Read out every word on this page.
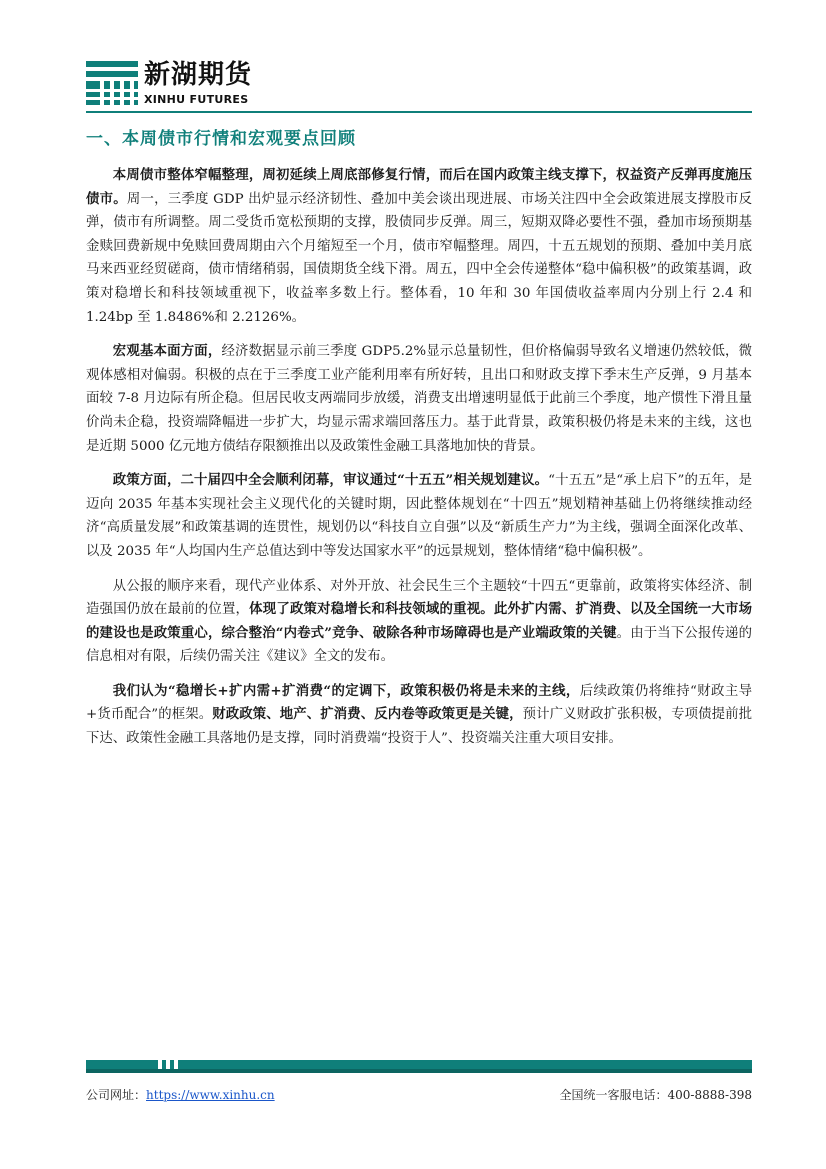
新湖期货
XINHU FUTURES
一、本周债市行情和宏观要点回顾

本周债市整体窄幅整理，周初延续上周底部修复行情，而后在国内政策主线支撑下，权益资产反弹再度施压债市。周一，三季度 GDP 出炉显示经济韧性、叠加中美会谈出现进展、市场关注四中全会政策进展支撑股市反弹，债市有所调整。周二受货币宽松预期的支撑，股债同步反弹。周三，短期双降必要性不强，叠加市场预期基金赎回费新规中免赎回费周期由六个月缩短至一个月，债市窄幅整理。周四，十五五规划的预期、叠加中美月底马来西亚经贸磋商，债市情绪稍弱，国债期货全线下滑。周五，四中全会传递整体“稳中偏积极”的政策基调，政策对稳增长和科技领域重视下，收益率多数上行。整体看，10 年和 30 年国债收益率周内分别上行 2.4 和 1.24bp 至 1.8486%和 2.2126%。

宏观基本面方面，经济数据显示前三季度 GDP5.2%显示总量韧性，但价格偏弱导致名义增速仍然较低，微观体感相对偏弱。积极的点在于三季度工业产能利用率有所好转，且出口和财政支撑下季末生产反弹，9 月基本面较 7-8 月边际有所企稳。但居民收支两端同步放缓，消费支出增速明显低于此前三个季度，地产惯性下滑且量价尚未企稳，投资端降幅进一步扩大，均显示需求端回落压力。基于此背景，政策积极仍将是未来的主线，这也是近期 5000 亿元地方债结存限额推出以及政策性金融工具落地加快的背景。

政策方面，二十届四中全会顺利闭幕，审议通过“十五五”相关规划建议。“十五五”是“承上启下”的五年，是迈向 2035 年基本实现社会主义现代化的关键时期，因此整体规划在“十四五”规划精神基础上仍将继续推动经济“高质量发展”和政策基调的连贯性，规划仍以“科技自立自强”以及“新质生产力”为主线，强调全面深化改革、以及 2035 年“人均国内生产总值达到中等发达国家水平”的远景规划，整体情绪“稳中偏积极”。

从公报的顺序来看，现代产业体系、对外开放、社会民生三个主题较“十四五“更靠前，政策将实体经济、制造强国仍放在最前的位置，体现了政策对稳增长和科技领域的重视。此外扩内需、扩消费、以及全国统一大市场的建设也是政策重心，综合整治“内卷式”竞争、破除各种市场障碍也是产业端政策的关键。由于当下公报传递的信息相对有限，后续仍需关注《建议》全文的发布。

我们认为“稳增长+扩内需+扩消费“的定调下，政策积极仍将是未来的主线，后续政策仍将维持“财政主导+货币配合”的框架。财政政策、地产、扩消费、反内卷等政策更是关键，预计广义财政扩张积极，专项债提前批下达、政策性金融工具落地仍是支撑，同时消费端“投资于人”、投资端关注重大项目安排。

公司网址：https://www.xinhu.cn	全国统一客服电话：400-8888-398
